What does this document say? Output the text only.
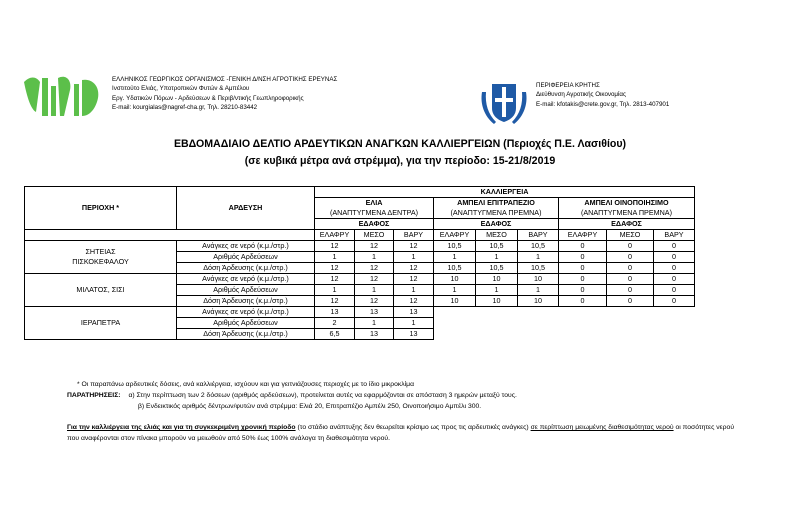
ΕΛΛΗΝΙΚΟΣ ΓΕΩΡΓΙΚΟΣ ΟΡΓΑΝΙΣΜΟΣ -ΓΕΝΙΚΗ Δ/ΝΣΗ ΑΓΡΟΤΙΚΗΣ ΕΡΕΥΝΑΣ
Ινστιτούτο Ελιάς, Υποτροπικών Φυτών & Αμπέλου
Εργ. Υδατικών Πόρων - Αρδεύσεων & Περιβ/ντικής Γεωπληροφορικής
E-mail: kourgialas@nagref-cha.gr, Τηλ. 28210-83442
ΠΕΡΙΦΕΡΕΙΑ ΚΡΗΤΗΣ
Διεύθυνση Αγροτικής Οικονομίας
E-mail: kfotakis@crete.gov.gr, Τηλ. 2813-407901
ΕΒΔΟΜΑΔΙΑΙΟ ΔΕΛΤΙΟ ΑΡΔΕΥΤΙΚΩΝ ΑΝΑΓΚΩΝ ΚΑΛΛΙΕΡΓΕΙΩΝ (Περιοχές Π.Ε. Λασιθίου)
(σε κυβικά μέτρα ανά στρέμμα), για την περίοδο: 15-21/8/2019
ΠΕΡΙΟΧΗ *	ΑΡΔΕΥΣΗ	ΚΑΛΛΙΕΡΓΕΙΑ								
		ΕΛΙΑ			ΑΜΠΕΛΙ ΕΠΙΤΡΑΠΕΖΙΟ			ΑΜΠΕΛΙ ΟΙΝΟΠΟΙΗΣΙΜΟ		
		(ΑΝΑΠΤΥΓΜΕΝΑ ΔΕΝΤΡΑ)			(ΑΝΑΠΤΥΓΜΕΝΑ ΠΡΕΜΝΑ)			(ΑΝΑΠΤΥΓΜΕΝΑ ΠΡΕΜΝΑ)		
		ΕΔΑΦΟΣ			ΕΔΑΦΟΣ			ΕΔΑΦΟΣ		
		ΕΛΑΦΡΥ	ΜΕΣΟ	ΒΑΡΥ	ΕΛΑΦΡΥ	ΜΕΣΟ	ΒΑΡΥ	ΕΛΑΦΡΥ	ΜΕΣΟ	ΒΑΡΥ

ΣΗΤΕΙΑΣ
ΠΙΣΚΟΚΕΦΑΛΟΥ	Ανάγκες σε νερό (κ.μ./στρ.)	12	12	12	10,5	10,5	10,5	0	0	0
	Αριθμός Αρδεύσεων	1	1	1	1	1	1	0	0	0
	Δόση Άρδευσης (κ.μ./στρ.)	12	12	12	10,5	10,5	10,5	0	0	0
ΜΙΛΑΤΟΣ, ΣΙΣΙ	Ανάγκες σε νερό (κ.μ./στρ.)	12	12	12	10	10	10	0	0	0
	Αριθμός Αρδεύσεων	1	1	1	1	1	1	0	0	0
	Δόση Άρδευσης (κ.μ./στρ.)	12	12	12	10	10	10	0	0	0
ΙΕΡΑΠΕΤΡΑ	Ανάγκες σε νερό (κ.μ./στρ.)	13	13	13						
	Αριθμός Αρδεύσεων	2	1	1						
	Δόση Άρδευσης (κ.μ./στρ.)	6,5	13	13						
* Οι παραπάνω αρδευτικές δόσεις, ανά καλλιέργεια, ισχύουν και για γειτνιάζουσες περιοχές με το ίδιο μικροκλίμα
ΠΑΡΑΤΗΡΗΣΕΙΣ: α) Στην περίπτωση των 2 δόσεων (αριθμός αρδεύσεων), προτείνεται αυτές να εφαρμόζονται σε απόσταση 3 ημερών μεταξύ τους.
β) Ενδεικτικός αριθμός δέντρων/φυτών ανά στρέμμα: Ελιά 20, Επιτραπέζιο Αμπέλι 250, Οινοποιήσιμο Αμπέλι 300.
Για την καλλιέργεια της ελιάς και για τη συγκεκριμένη χρονική περίοδο (το στάδιο ανάπτυξης δεν θεωρείται κρίσιμο ως προς τις αρδευτικές ανάγκες) σε περίπτωση μειωμένης διαθεσιμότητας νερού οι ποσότητες νερού που αναφέρονται στον πίνακα μπορούν να μειωθούν από 50% έως 100% ανάλογα τη διαθεσιμότητα νερού.
